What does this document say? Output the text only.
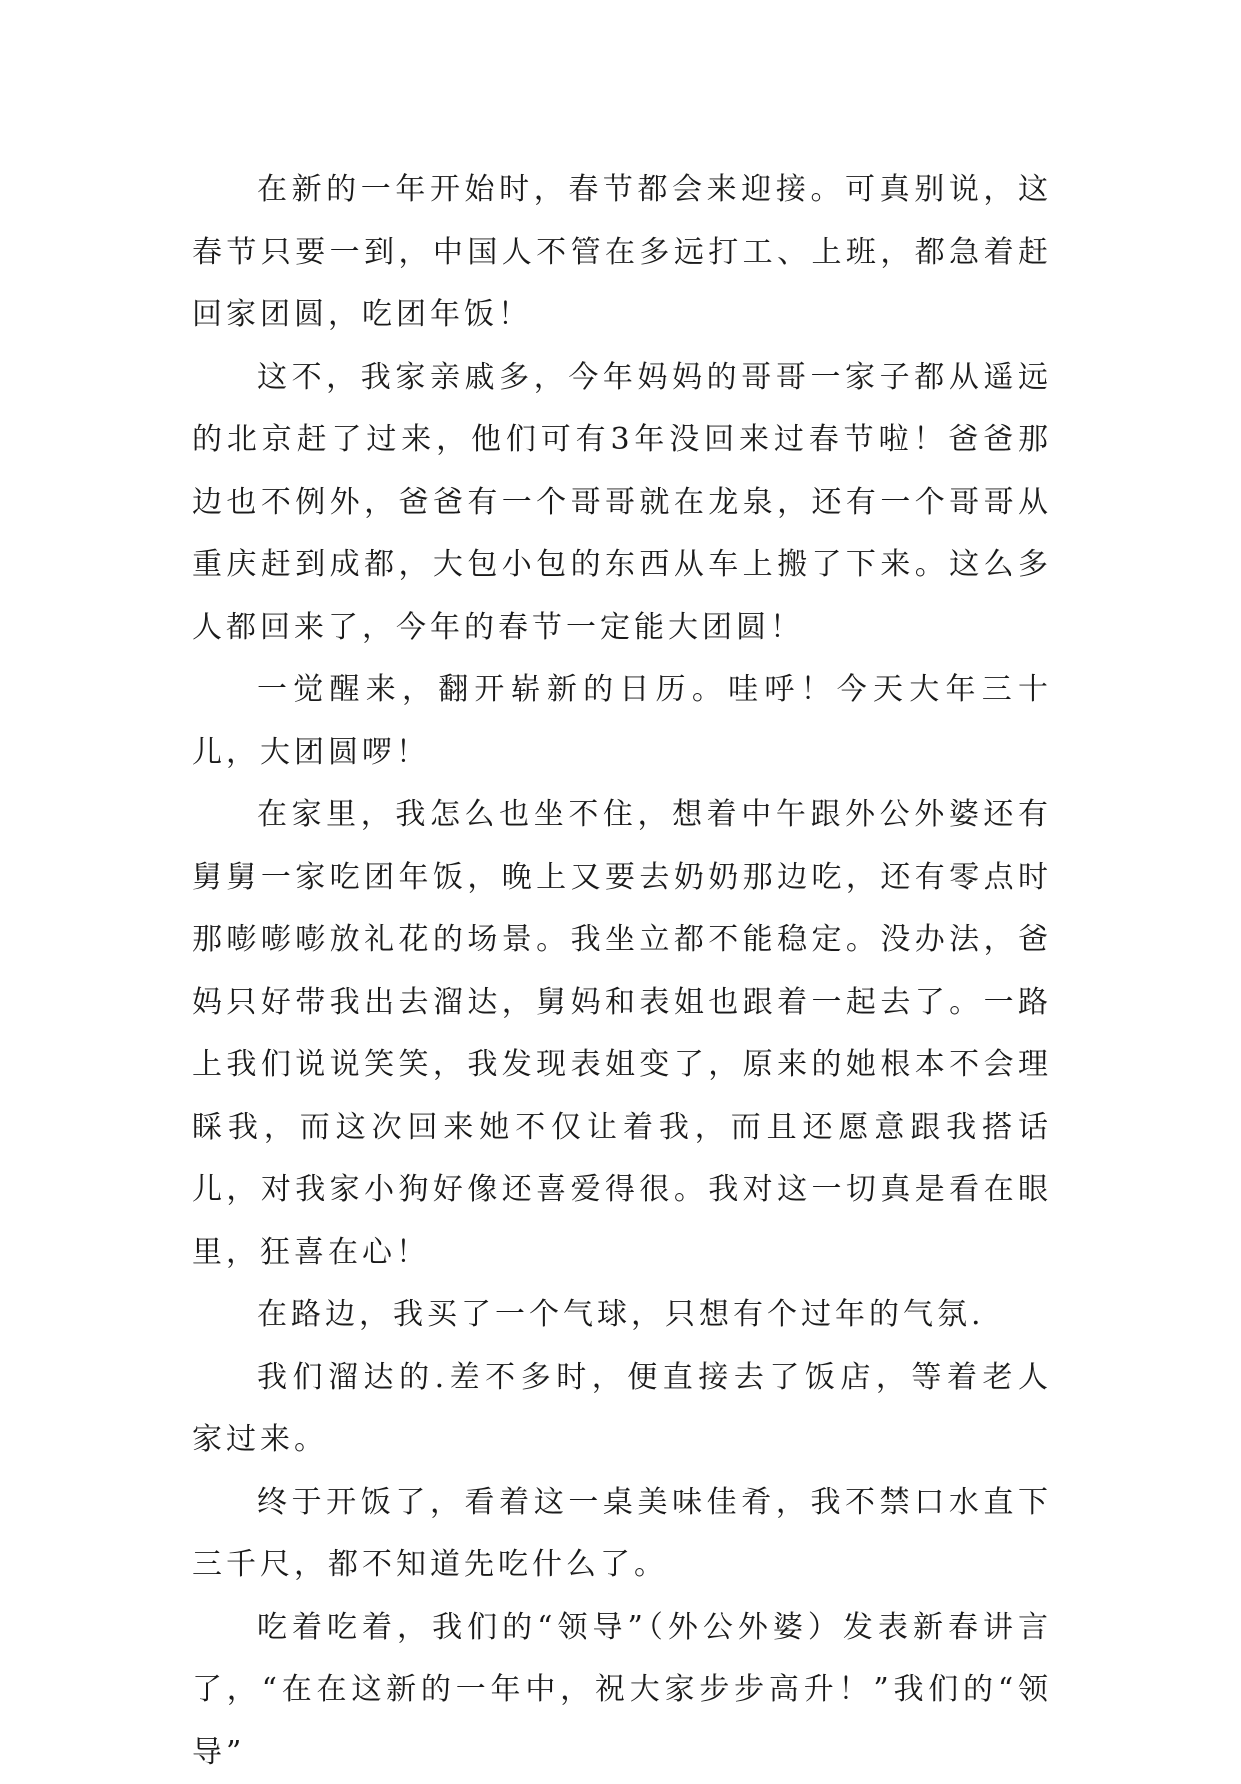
在新的一年开始时，春节都会来迎接。可真别说，这春节只要一到，中国人不管在多远打工、上班，都急着赶回家团圆，吃团年饭！

这不，我家亲戚多，今年妈妈的哥哥一家子都从遥远的北京赶了过来，他们可有3年没回来过春节啦！爸爸那边也不例外，爸爸有一个哥哥就在龙泉，还有一个哥哥从重庆赶到成都，大包小包的东西从车上搬了下来。这么多人都回来了，今年的春节一定能大团圆！

一觉醒来，翻开崭新的日历。哇呼！今天大年三十儿，大团圆啰！

在家里，我怎么也坐不住，想着中午跟外公外婆还有舅舅一家吃团年饭，晚上又要去奶奶那边吃，还有零点时那嘭嘭嘭放礼花的场景。我坐立都不能稳定。没办法，爸妈只好带我出去溜达，舅妈和表姐也跟着一起去了。一路上我们说说笑笑，我发现表姐变了，原来的她根本不会理睬我，而这次回来她不仅让着我，而且还愿意跟我搭话儿，对我家小狗好像还喜爱得很。我对这一切真是看在眼里，狂喜在心！

在路边，我买了一个气球，只想有个过年的气氛.

我们溜达的.差不多时，便直接去了饭店，等着老人家过来。

终于开饭了，看着这一桌美味佳肴，我不禁口水直下三千尺，都不知道先吃什么了。

吃着吃着，我们的“领导”（外公外婆）发表新春讲言了，“在在这新的一年中，祝大家步步高升！”我们的“领导”
